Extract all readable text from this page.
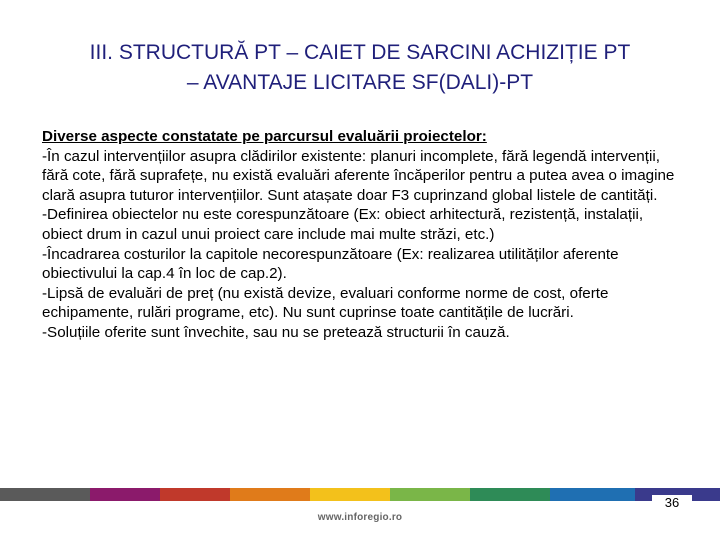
III. STRUCTURĂ PT – CAIET DE SARCINI ACHIZIȚIE PT
– AVANTAJE LICITARE SF(DALI)-PT
Diverse aspecte constatate pe parcursul evaluării proiectelor:
-În cazul intervențiilor asupra clădirilor existente: planuri incomplete, fără legendă intervenții, fără cote, fără suprafețe, nu există evaluări aferente încăperilor pentru a putea avea o imagine clară asupra tuturor intervențiilor. Sunt atașate doar F3 cuprinzand global listele de cantități.
-Definirea obiectelor nu este corespunzătoare (Ex: obiect arhitectură, rezistență, instalații, obiect drum in cazul unui proiect care include mai multe străzi, etc.)
-Încadrarea costurilor la capitole necorespunzătoare (Ex: realizarea utilităților aferente obiectivului la cap.4 în loc de cap.2).
-Lipsă de evaluări de preț (nu există devize, evaluari conforme norme de cost, oferte echipamente, rulări programe, etc). Nu sunt cuprinse toate cantitățile de lucrări.
-Soluțiile oferite sunt învechite, sau nu se pretează structurii în cauză.
36
www.inforegio.ro
